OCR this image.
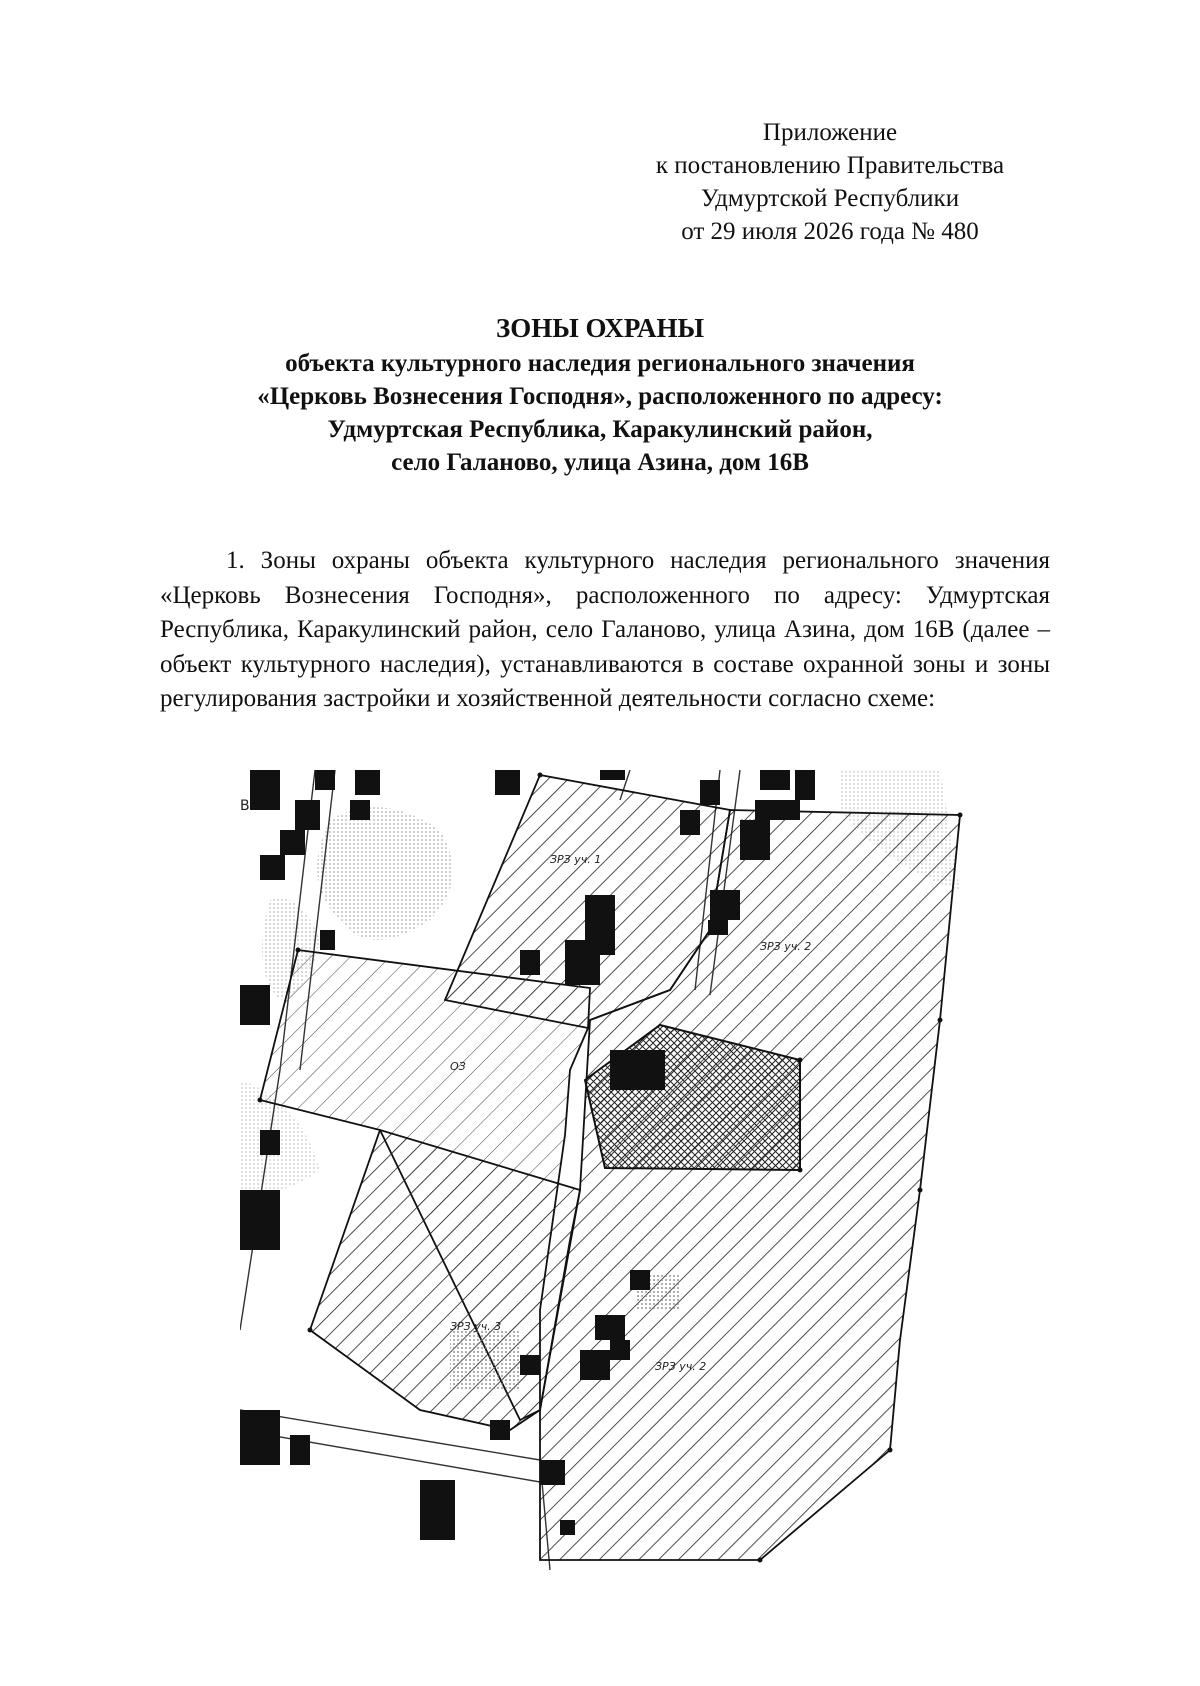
Приложение
к постановлению Правительства
Удмуртской Республики
от 29 июля 2026 года № 480
ЗОНЫ ОХРАНЫ
объекта культурного наследия регионального значения
«Церковь Вознесения Господня», расположенного по адресу:
Удмуртская Республика, Каракулинский район,
село Галаново, улица Азина, дом 16В

1. Зоны охраны объекта культурного наследия регионального значения «Церковь Вознесения Господня», расположенного по адресу: Удмуртская Республика, Каракулинский район, село Галаново, улица Азина, дом 16В (далее – объект культурного наследия), устанавливаются в составе охранной зоны и зоны регулирования застройки и хозяйственной деятельности согласно схеме:

ЗРЗ уч. 1
ЗРЗ уч. 2
ОЗ
ЗРЗ уч. 3
ЗРЗ уч. 2
В
